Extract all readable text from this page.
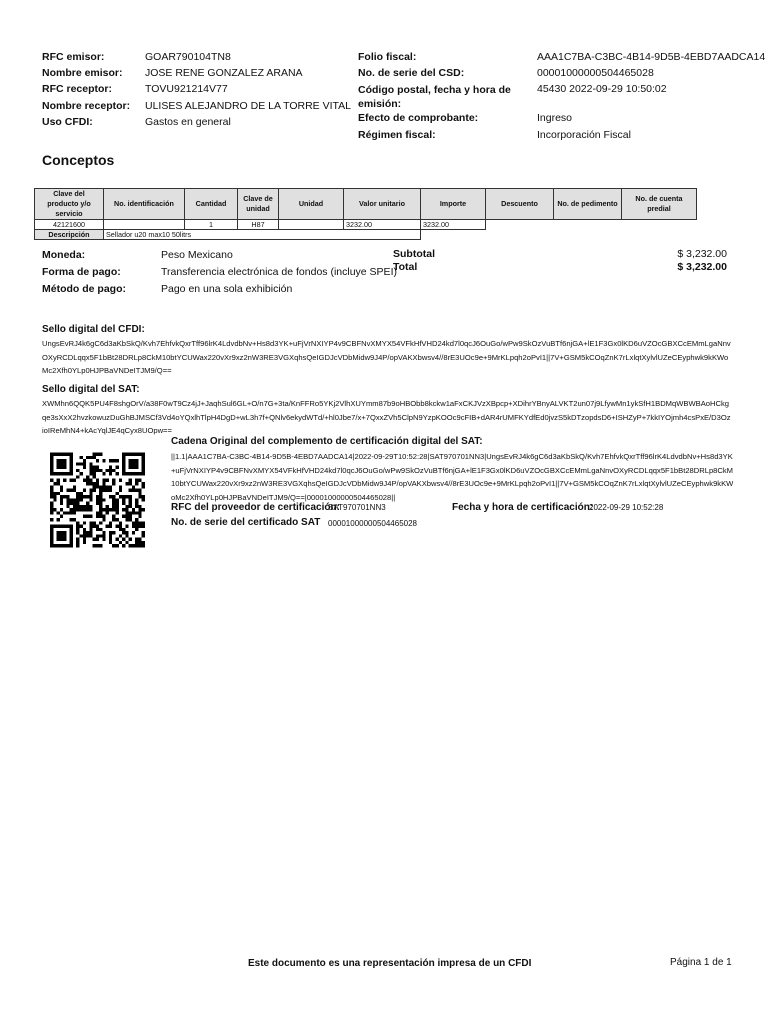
RFC emisor:	GOAR790104TN8
Nombre emisor: JOSE RENE GONZALEZ ARANA
RFC receptor:	TOVU921214V77
Nombre receptor: ULISES ALEJANDRO DE LA TORRE VITAL
Uso CFDI:	Gastos en general
Folio fiscal:	AAA1C7BA-C3BC-4B14-9D5B-4EBD7AADCA14
No. de serie del CSD:	00001000000504465028
Código postal, fecha y hora de emisión:
45430 2022-09-29 10:50:02
Efecto de comprobante:	Ingreso
Régimen fiscal:	Incorporación Fiscal
Conceptos
Clave del producto y/o servicio	No. identificación	Cantidad	Clave de unidad	Unidad	Valor unitario	Importe	Descuento	No. de pedimento	No. de cuenta predial
42121600		1	H87		3232.00	3232.00			
Descripción	Sellador u20 max10 50litrs								
Moneda:	Peso Mexicano
Forma de pago:	Transferencia electrónica de fondos (incluye SPEI)
Método de pago:	Pago en una sola exhibición
Subtotal	$ 3,232.00
Total	$ 3,232.00
Sello digital del CFDI:
UngsEvRJ4k6gC6d3aKbSkQ/Kvh7EhfvkQxrTff96lrK4LdvdbNv+Hs8d3YK+uFjVrNXIYP4v9CBFNvXMYX54VFkHfVHD24kd7l0qcJ6OuGo/wPw9SkOzVuBTf6njGA+lE1F3Gx0lKD6uVZOcGBXCcEMmLgaNnvOXyRCDLqqx5F1bBt28DRLp8CkM10btYCUWax220vXr9xz2nW3RE3VGXqhsQeIGDJcVDbMidw9J4P/opVAKXbwsv4//8rE3UOc9e+9MrKLpqh2oPvI1||7V+GSM5kCOqZnK7rLxlqtXylvlUZeCEyphwk9kKWoMc2Xfh0YLp0HJPBaVNDeITJM9/Q==
Sello digital del SAT:
XWMhn6QQK5PU4F8shgOrV/a38F0wT9Cz4jJ+JaqhSul6GL+O/n7G+3ta/KnFFRo5YKj2VlhXUYmm87b9oHBObb8kckw1aFxCKJVzXBpcp+XDihrYBnyALVKT2un07j9LfywMn1ykSfH1BDMqWBWBAoHCkgqe3sXxX2hvzkowuzDuGhBJMSCf3Vd4oYQxlhTlpH4DgD+wL3h7f+QNlv6ekydWTd/+hl0Jbe7/x+7QxxZVh5ClpN9YzpKOOc9cFIB+dAR4rUMFKYdfEd0jvzS5kDTzopdsD6+ISHZyP+7kkIYOjmh4csPxE/D3OzioIReMhN4+kAcYqlJE4qCyx8UOpw==
Cadena Original del complemento de certificación digital del SAT:
||1.1|AAA1C7BA-C3BC-4B14-9D5B-4EBD7AADCA14|2022-09-29T10:52:28|SAT970701NN3|UngsEvRJ4k6gC6d3aKbSkQ/Kvh7EhfvkQxrTff96lrK4LdvdbNv+Hs8d3YK+uFjVrNXIYP4v9CBFNvXMYX54VFkHfVHD24kd7l0qcJ6OuGo/wPw9SkOzVuBTf6njGA+lE1F3Gx0lKD6uVZOcGBXCcEMmLgaNnvOXyRCDLqqx5F1bBt28DRLp8CkM10btYCUWax220vXr9xz2nW3RE3VGXqhsQeIGDJcVDbMidw9J4P/opVAKXbwsv4//8rE3UOc9e+9MrKLpqh2oPvI1||7V+GSM5kCOqZnK7rLxlqtXylvlUZeCEyphwk9kKWoMc2Xfh0YLp0HJPBaVNDeITJM9/Q==|00001000000504465028||
RFC del proveedor de certificación:
SAT970701NN3	Fecha y hora de certificación:
2022-09-29 10:52:28
No. de serie del certificado SAT 00001000000504465028
Este documento es una representación impresa de un CFDI	Página 1 de 1
